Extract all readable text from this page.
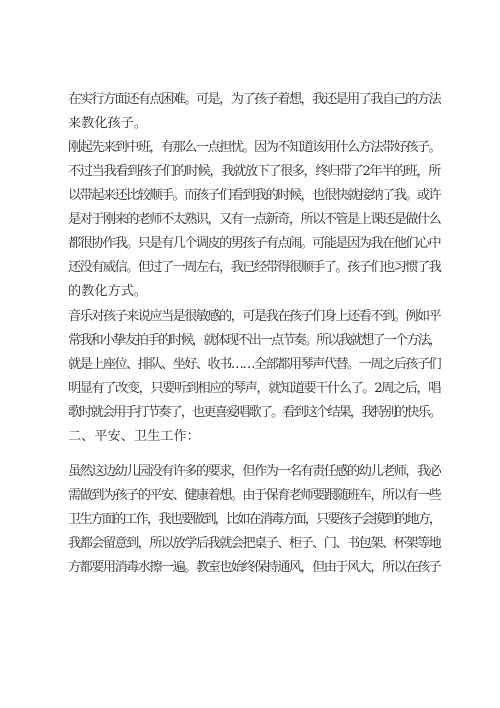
在实行方面还有点困难。可是，为了孩子着想，我还是用了我自己的方法
来教化孩子。
刚起先来到中班，有那么一点担忧。因为不知道该用什么方法带好孩子。
不过当我看到孩子们的时候，我就放下了很多，终归带了2年半的班，所
以带起来还比较顺手。而孩子们看到我的时候，也很快就接纳了我。或许
是对于刚来的老师不太熟识，又有一点新奇，所以不管是上课还是做什么
都很协作我。只是有几个调皮的男孩子有点闹。可能是因为我在他们心中
还没有威信。但过了一周左右，我已经带得很顺手了。孩子们也习惯了我
的教化方式。
音乐对孩子来说应当是很敏感的，可是我在孩子们身上还看不到。例如平
常我和小挚友拍手的时候，就体现不出一点节奏。所以我就想了一个方法，
就是上座位、排队、坐好、收书……全部都用琴声代替。一周之后孩子们
明显有了改变，只要听到相应的琴声，就知道要干什么了。2周之后，唱
歌时就会用手打节奏了，也更喜爱唱歌了。看到这个结果，我特别的快乐。
二、平安、卫生工作：
虽然这边幼儿园没有许多的要求，但作为一名有责任感的幼儿老师，我必
需做到为孩子的平安、健康着想。由于保育老师要跟随班车，所以有一些
卫生方面的工作，我也要做到，比如在消毒方面，只要孩子会摸到的地方，
我都会留意到，所以放学后我就会把桌子、柜子、门、书包架、杯架等地
方都要用消毒水擦一遍。教室也始终保持通风，但由于风大，所以在孩子
